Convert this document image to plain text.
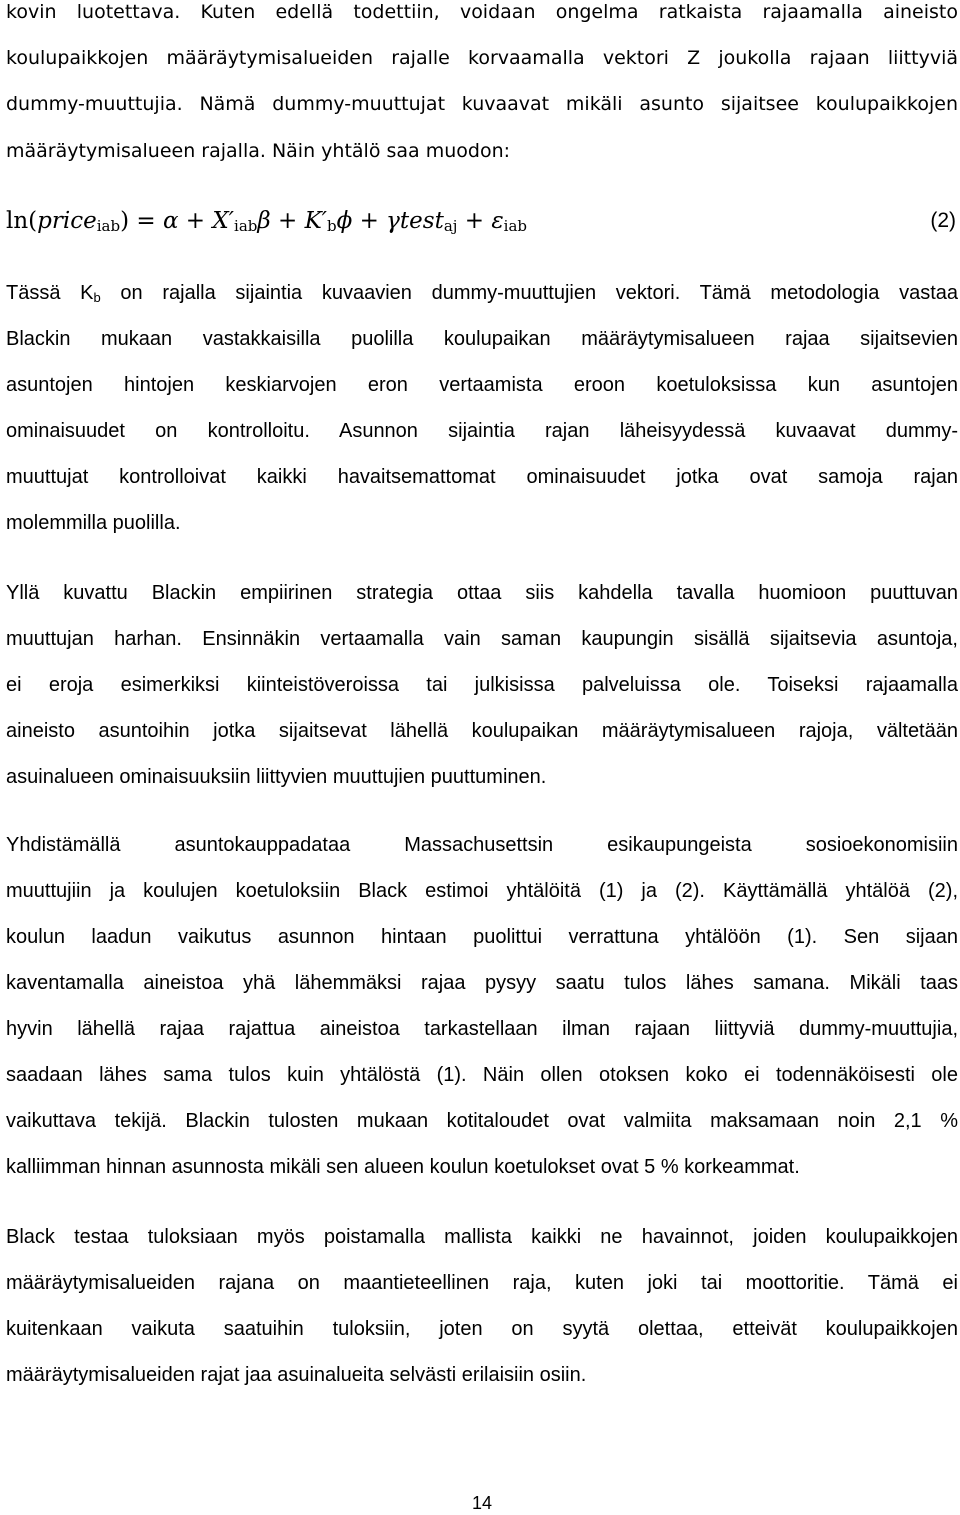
kovin luotettava. Kuten edellä todettiin, voidaan ongelma ratkaista rajaamalla aineisto
koulupaikkojen määräytymisalueiden rajalle korvaamalla vektori Z joukolla rajaan liittyviä
dummy-muuttujia. Nämä dummy-muuttujat kuvaavat mikäli asunto sijaitsee koulupaikkojen
määräytymisalueen rajalla. Näin yhtälö saa muodon:
ln(price$_{iab}$) = $\alpha + X'_{iab}\beta + K'_b\phi$ + γtest$_{aj}$ + $\varepsilon_{iab}$	(2)
Tässä Kb on rajalla sijaintia kuvaavien dummy-muuttujien vektori. Tämä metodologia vastaa
Blackin mukaan vastakkaisilla puolilla koulupaikan määräytymisalueen rajaa sijaitsevien
asuntojen hintojen keskiarvojen eron vertaamista eroon koetuloksissa kun asuntojen
ominaisuudet on kontrolloitu. Asunnon sijaintia rajan läheisyydessä kuvaavat dummy-
muuttujat kontrolloivat kaikki havaitsemattomat ominaisuudet jotka ovat samoja rajan
molemmilla puolilla.
Yllä kuvattu Blackin empiirinen strategia ottaa siis kahdella tavalla huomioon puuttuvan
muuttujan harhan. Ensinnäkin vertaamalla vain saman kaupungin sisällä sijaitsevia asuntoja,
ei eroja esimerkiksi kiinteistöveroissa tai julkisissa palveluissa ole. Toiseksi rajaamalla
aineisto asuntoihin jotka sijaitsevat lähellä koulupaikan määräytymisalueen rajoja, vältetään
asuinalueen ominaisuuksiin liittyvien muuttujien puuttuminen.
Yhdistämällä asuntokauppadataa Massachusettsin esikaupungeista sosioekonomisiin
muuttujiin ja koulujen koetuloksiin Black estimoi yhtälöitä (1) ja (2). Käyttämällä yhtälöä (2),
koulun laadun vaikutus asunnon hintaan puolittui verrattuna yhtälöön (1). Sen sijaan
kaventamalla aineistoa yhä lähemmäksi rajaa pysyy saatu tulos lähes samana. Mikäli taas
hyvin lähellä rajaa rajattua aineistoa tarkastellaan ilman rajaan liittyviä dummy-muuttujia,
saadaan lähes sama tulos kuin yhtälöstä (1). Näin ollen otoksen koko ei todennäköisesti ole
vaikuttava tekijä. Blackin tulosten mukaan kotitaloudet ovat valmiita maksamaan noin 2,1 %
kalliimman hinnan asunnosta mikäli sen alueen koulun koetulokset ovat 5 % korkeammat.
Black testaa tuloksiaan myös poistamalla mallista kaikki ne havainnot, joiden koulupaikkojen
määräytymisalueiden rajana on maantieteellinen raja, kuten joki tai moottoritie. Tämä ei
kuitenkaan vaikuta saatuihin tuloksiin, joten on syytä olettaa, etteivät koulupaikkojen
määräytymisalueiden rajat jaa asuinalueita selvästi erilaisiin osiin.
14
